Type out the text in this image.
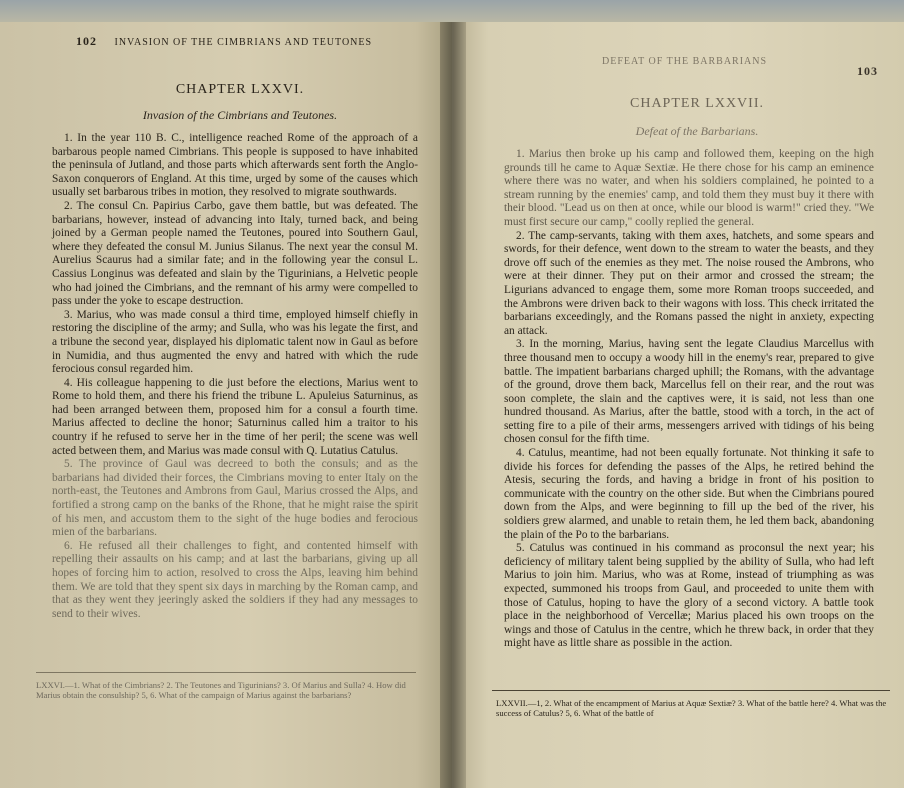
102 INVASION OF THE CIMBRIANS AND TEUTONES
CHAPTER LXXVI.
Invasion of the Cimbrians and Teutones.

1. In the year 110 B. C., intelligence reached Rome of the approach of a barbarous people named Cimbrians. This people is supposed to have inhabited the peninsula of Jutland, and those parts which afterwards sent forth the Anglo-Saxon conquerors of England. At this time, urged by some of the causes which usually set barbarous tribes in motion, they resolved to migrate southwards.

2. The consul Cn. Papirius Carbo, gave them battle, but was defeated. The barbarians, however, instead of advancing into Italy, turned back, and being joined by a German people named the Teutones, poured into Southern Gaul, where they defeated the consul M. Junius Silanus. The next year the consul M. Aurelius Scaurus had a similar fate; and in the following year the consul L. Cassius Longinus was defeated and slain by the Tigurinians, a Helvetic people who had joined the Cimbrians, and the remnant of his army were compelled to pass under the yoke to escape destruction.

3. Marius, who was made consul a third time, employed himself chiefly in restoring the discipline of the army; and Sulla, who was his legate the first, and a tribune the second year, displayed his diplomatic talent now in Gaul as before in Numidia, and thus augmented the envy and hatred with which the rude ferocious consul regarded him.

4. His colleague happening to die just before the elections, Marius went to Rome to hold them, and there his friend the tribune L. Apuleius Saturninus, as had been arranged between them, proposed him for a consul a fourth time. Marius affected to decline the honor; Saturninus called him a traitor to his country if he refused to serve her in the time of her peril; the scene was well acted between them, and Marius was made consul with Q. Lutatius Catulus.

5. The province of Gaul was decreed to both the consuls; and as the barbarians had divided their forces, the Cimbrians moving to enter Italy on the north-east, the Teutones and Ambrons from Gaul, Marius crossed the Alps, and fortified a strong camp on the banks of the Rhone, that he might raise the spirit of his men, and accustom them to the sight of the huge bodies and ferocious mien of the barbarians.

6. He refused all their challenges to fight, and contented himself with repelling their assaults on his camp; and at last the barbarians, giving up all hopes of forcing him to action, resolved to cross the Alps, leaving him behind them. We are told that they spent six days in marching by the Roman camp, and that as they went they jeeringly asked the soldiers if they had any messages to send to their wives.

LXXVI.—1. What of the Cimbrians? 2. The Teutones and Tigurinians? 3. Of Marius and Sulla? 4. How did Marius obtain the consulship? 5, 6. What of the campaign of Marius against the barbarians?
DEFEAT OF THE BARBARIANS
103
CHAPTER LXXVII.
Defeat of the Barbarians.

1. Marius then broke up his camp and followed them, keeping on the high grounds till he came to Aquæ Sextiæ. He there chose for his camp an eminence where there was no water, and when his soldiers complained, he pointed to a stream running by the enemies' camp, and told them they must buy it there with their blood. "Lead us on then at once, while our blood is warm!" cried they. "We must first secure our camp," coolly replied the general.

2. The camp-servants, taking with them axes, hatchets, and some spears and swords, for their defence, went down to the stream to water the beasts, and they drove off such of the enemies as they met. The noise roused the Ambrons, who were at their dinner. They put on their armor and crossed the stream; the Ligurians advanced to engage them, some more Roman troops succeeded, and the Ambrons were driven back to their wagons with loss. This check irritated the barbarians exceedingly, and the Romans passed the night in anxiety, expecting an attack.

3. In the morning, Marius, having sent the legate Claudius Marcellus with three thousand men to occupy a woody hill in the enemy's rear, prepared to give battle. The impatient barbarians charged uphill; the Romans, with the advantage of the ground, drove them back, Marcellus fell on their rear, and the rout was soon complete, the slain and the captives were, it is said, not less than one hundred thousand. As Marius, after the battle, stood with a torch, in the act of setting fire to a pile of their arms, messengers arrived with tidings of his being chosen consul for the fifth time.

4. Catulus, meantime, had not been equally fortunate. Not thinking it safe to divide his forces for defending the passes of the Alps, he retired behind the Atesis, securing the fords, and having a bridge in front of his position to communicate with the country on the other side. But when the Cimbrians poured down from the Alps, and were beginning to fill up the bed of the river, his soldiers grew alarmed, and unable to retain them, he led them back, abandoning the plain of the Po to the barbarians.

5. Catulus was continued in his command as proconsul the next year; his deficiency of military talent being supplied by the ability of Sulla, who had left Marius to join him. Marius, who was at Rome, instead of triumphing as was expected, summoned his troops from Gaul, and proceeded to unite them with those of Catulus, hoping to have the glory of a second victory. A battle took place in the neighborhood of Vercellæ; Marius placed his own troops on the wings and those of Catulus in the centre, which he threw back, in order that they might have as little share as possible in the action.

LXXVII.—1, 2. What of the encampment of Marius at Aquæ Sextiæ? 3. What of the battle here? 4. What was the success of Catulus? 5, 6. What of the battle of
